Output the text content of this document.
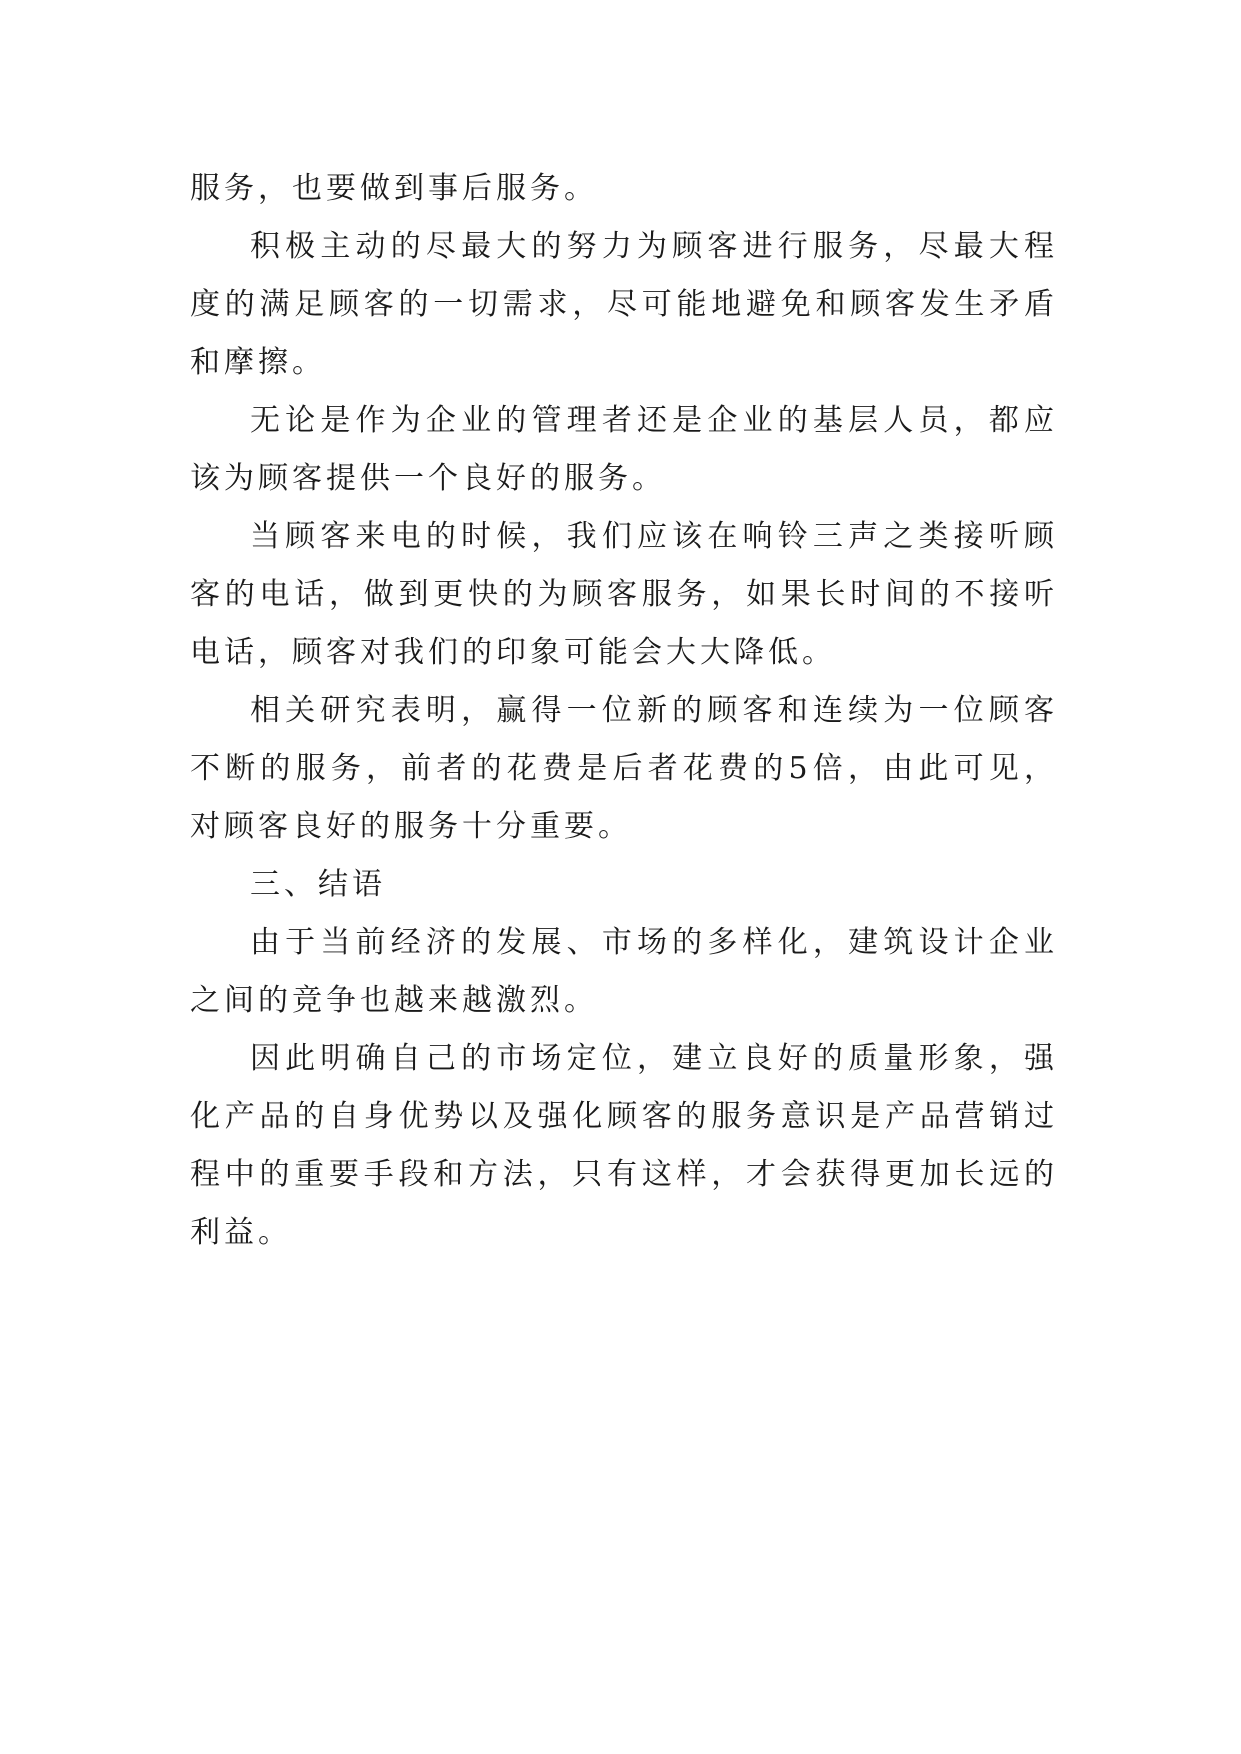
服务，也要做到事后服务。

积极主动的尽最大的努力为顾客进行服务，尽最大程度的满足顾客的一切需求，尽可能地避免和顾客发生矛盾和摩擦。

无论是作为企业的管理者还是企业的基层人员，都应该为顾客提供一个良好的服务。

当顾客来电的时候，我们应该在响铃三声之类接听顾客的电话，做到更快的为顾客服务，如果长时间的不接听电话，顾客对我们的印象可能会大大降低。

相关研究表明，赢得一位新的顾客和连续为一位顾客不断的服务，前者的花费是后者花费的5倍，由此可见，对顾客良好的服务十分重要。

三、结语

由于当前经济的发展、市场的多样化，建筑设计企业之间的竞争也越来越激烈。

因此明确自己的市场定位，建立良好的质量形象，强化产品的自身优势以及强化顾客的服务意识是产品营销过程中的重要手段和方法，只有这样，才会获得更加长远的利益。
